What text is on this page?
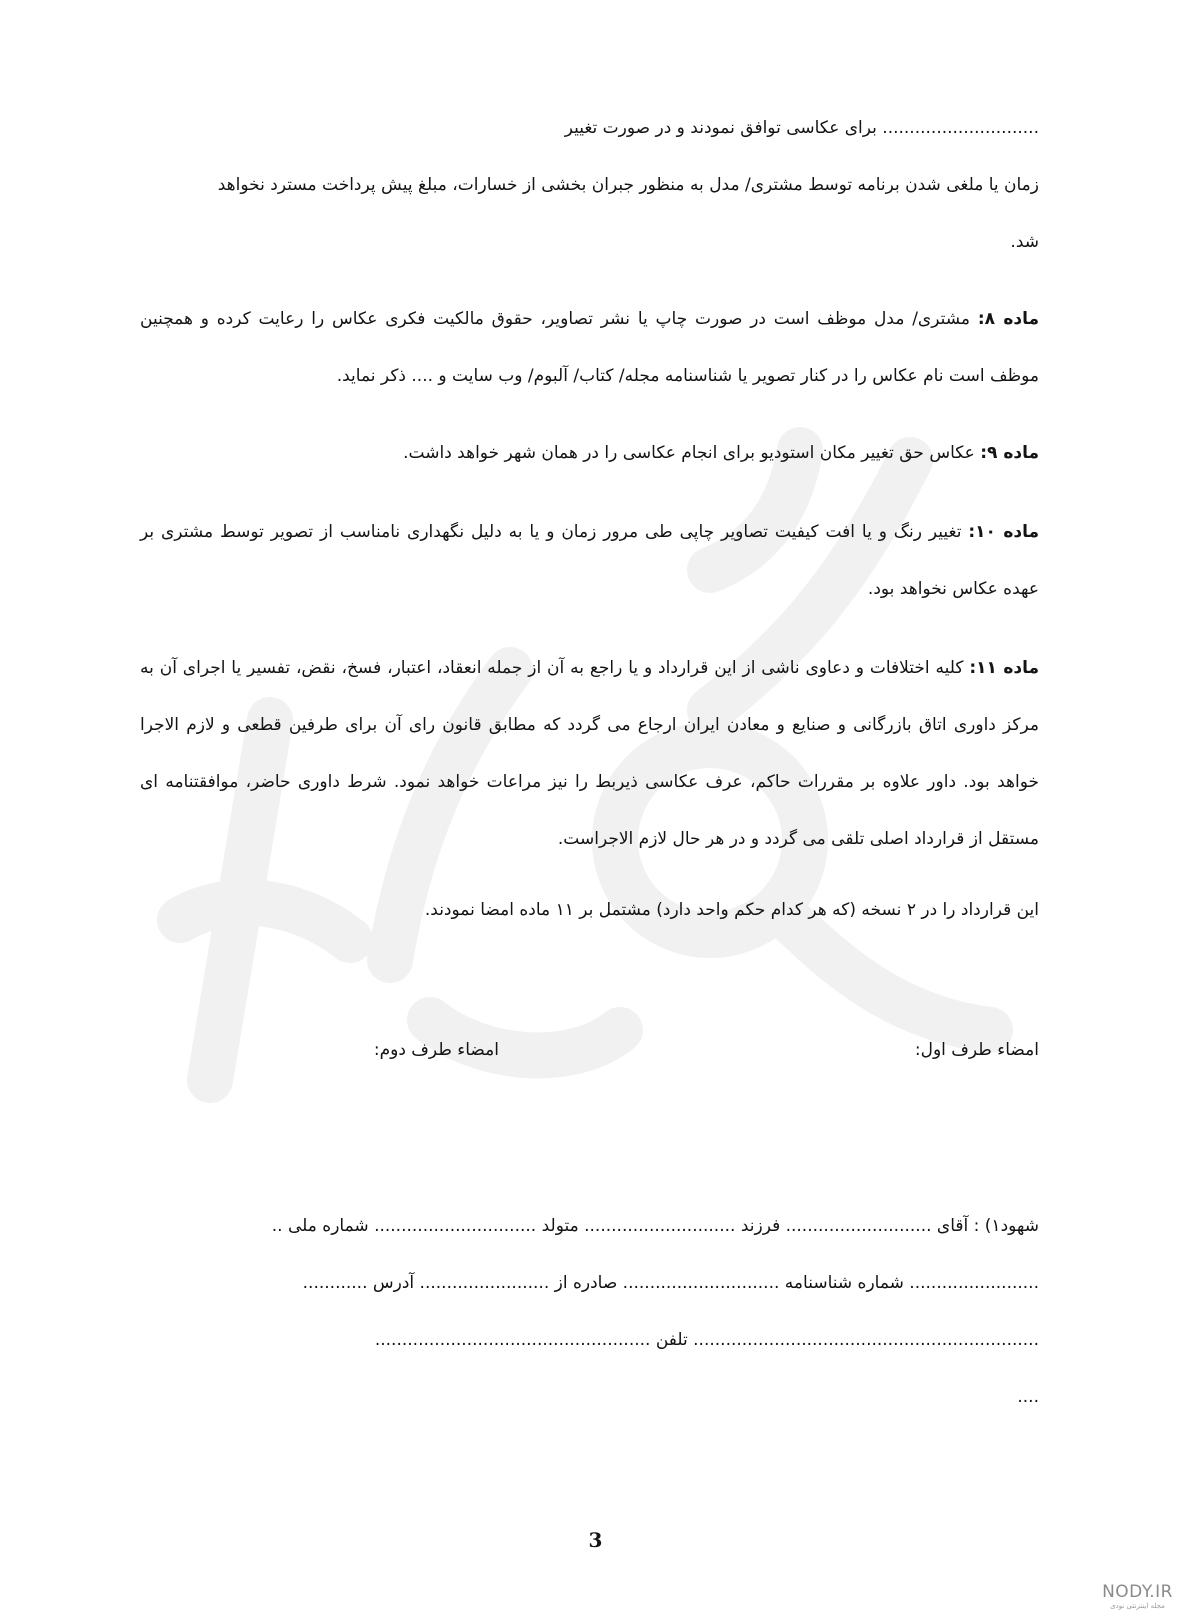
............................. برای عکاسی توافق نمودند و در صورت تغییر

زمان یا ملغی شدن برنامه توسط مشتری/ مدل به منظور جبران بخشی از خسارات، مبلغ پیش پرداخت مسترد نخواهد

شد.

ماده ۸: مشتری/ مدل موظف است در صورت چاپ یا نشر تصاویر، حقوق مالکیت فکری عکاس را رعایت کرده و همچنین موظف است نام عکاس را در کنار تصویر یا شناسنامه مجله/ کتاب/ آلبوم/ وب سایت و .... ذکر نماید.

ماده ۹: عکاس حق تغییر مکان استودیو برای انجام عکاسی را در همان شهر خواهد داشت.

ماده ۱۰: تغییر رنگ و یا افت کیفیت تصاویر چاپی طی مرور زمان و یا به دلیل نگهداری نامناسب از تصویر توسط مشتری بر عهده عکاس نخواهد بود.

ماده ۱۱: کلیه اختلافات و دعاوی ناشی از این قرارداد و یا راجع به آن از جمله انعقاد، اعتبار، فسخ، نقض، تفسیر یا اجرای آن به مرکز داوری اتاق بازرگانی و صنایع و معادن ایران ارجاع می گردد که مطابق قانون رای آن برای طرفین قطعی و لازم الاجرا خواهد بود. داور علاوه بر مقررات حاکم، عرف عکاسی ذیربط را نیز مراعات خواهد نمود. شرط داوری حاضر، موافقتنامه ای مستقل از قرارداد اصلی تلقی می گردد و در هر حال لازم الاجراست.

این قرارداد را در ۲ نسخه (که هر کدام حکم واحد دارد) مشتمل بر ۱۱ ماده امضا نمودند.

امضاء طرف اول:
امضاء طرف دوم:
شهود۱) : آقای ........................... فرزند ............................ متولد .............................. شماره ملی ..
........................ شماره شناسنامه ............................. صادره از ........................ آدرس ............
................................................................ تلفن ...................................................
....
3
NODY.IR
مجله اینترنتی نودی
